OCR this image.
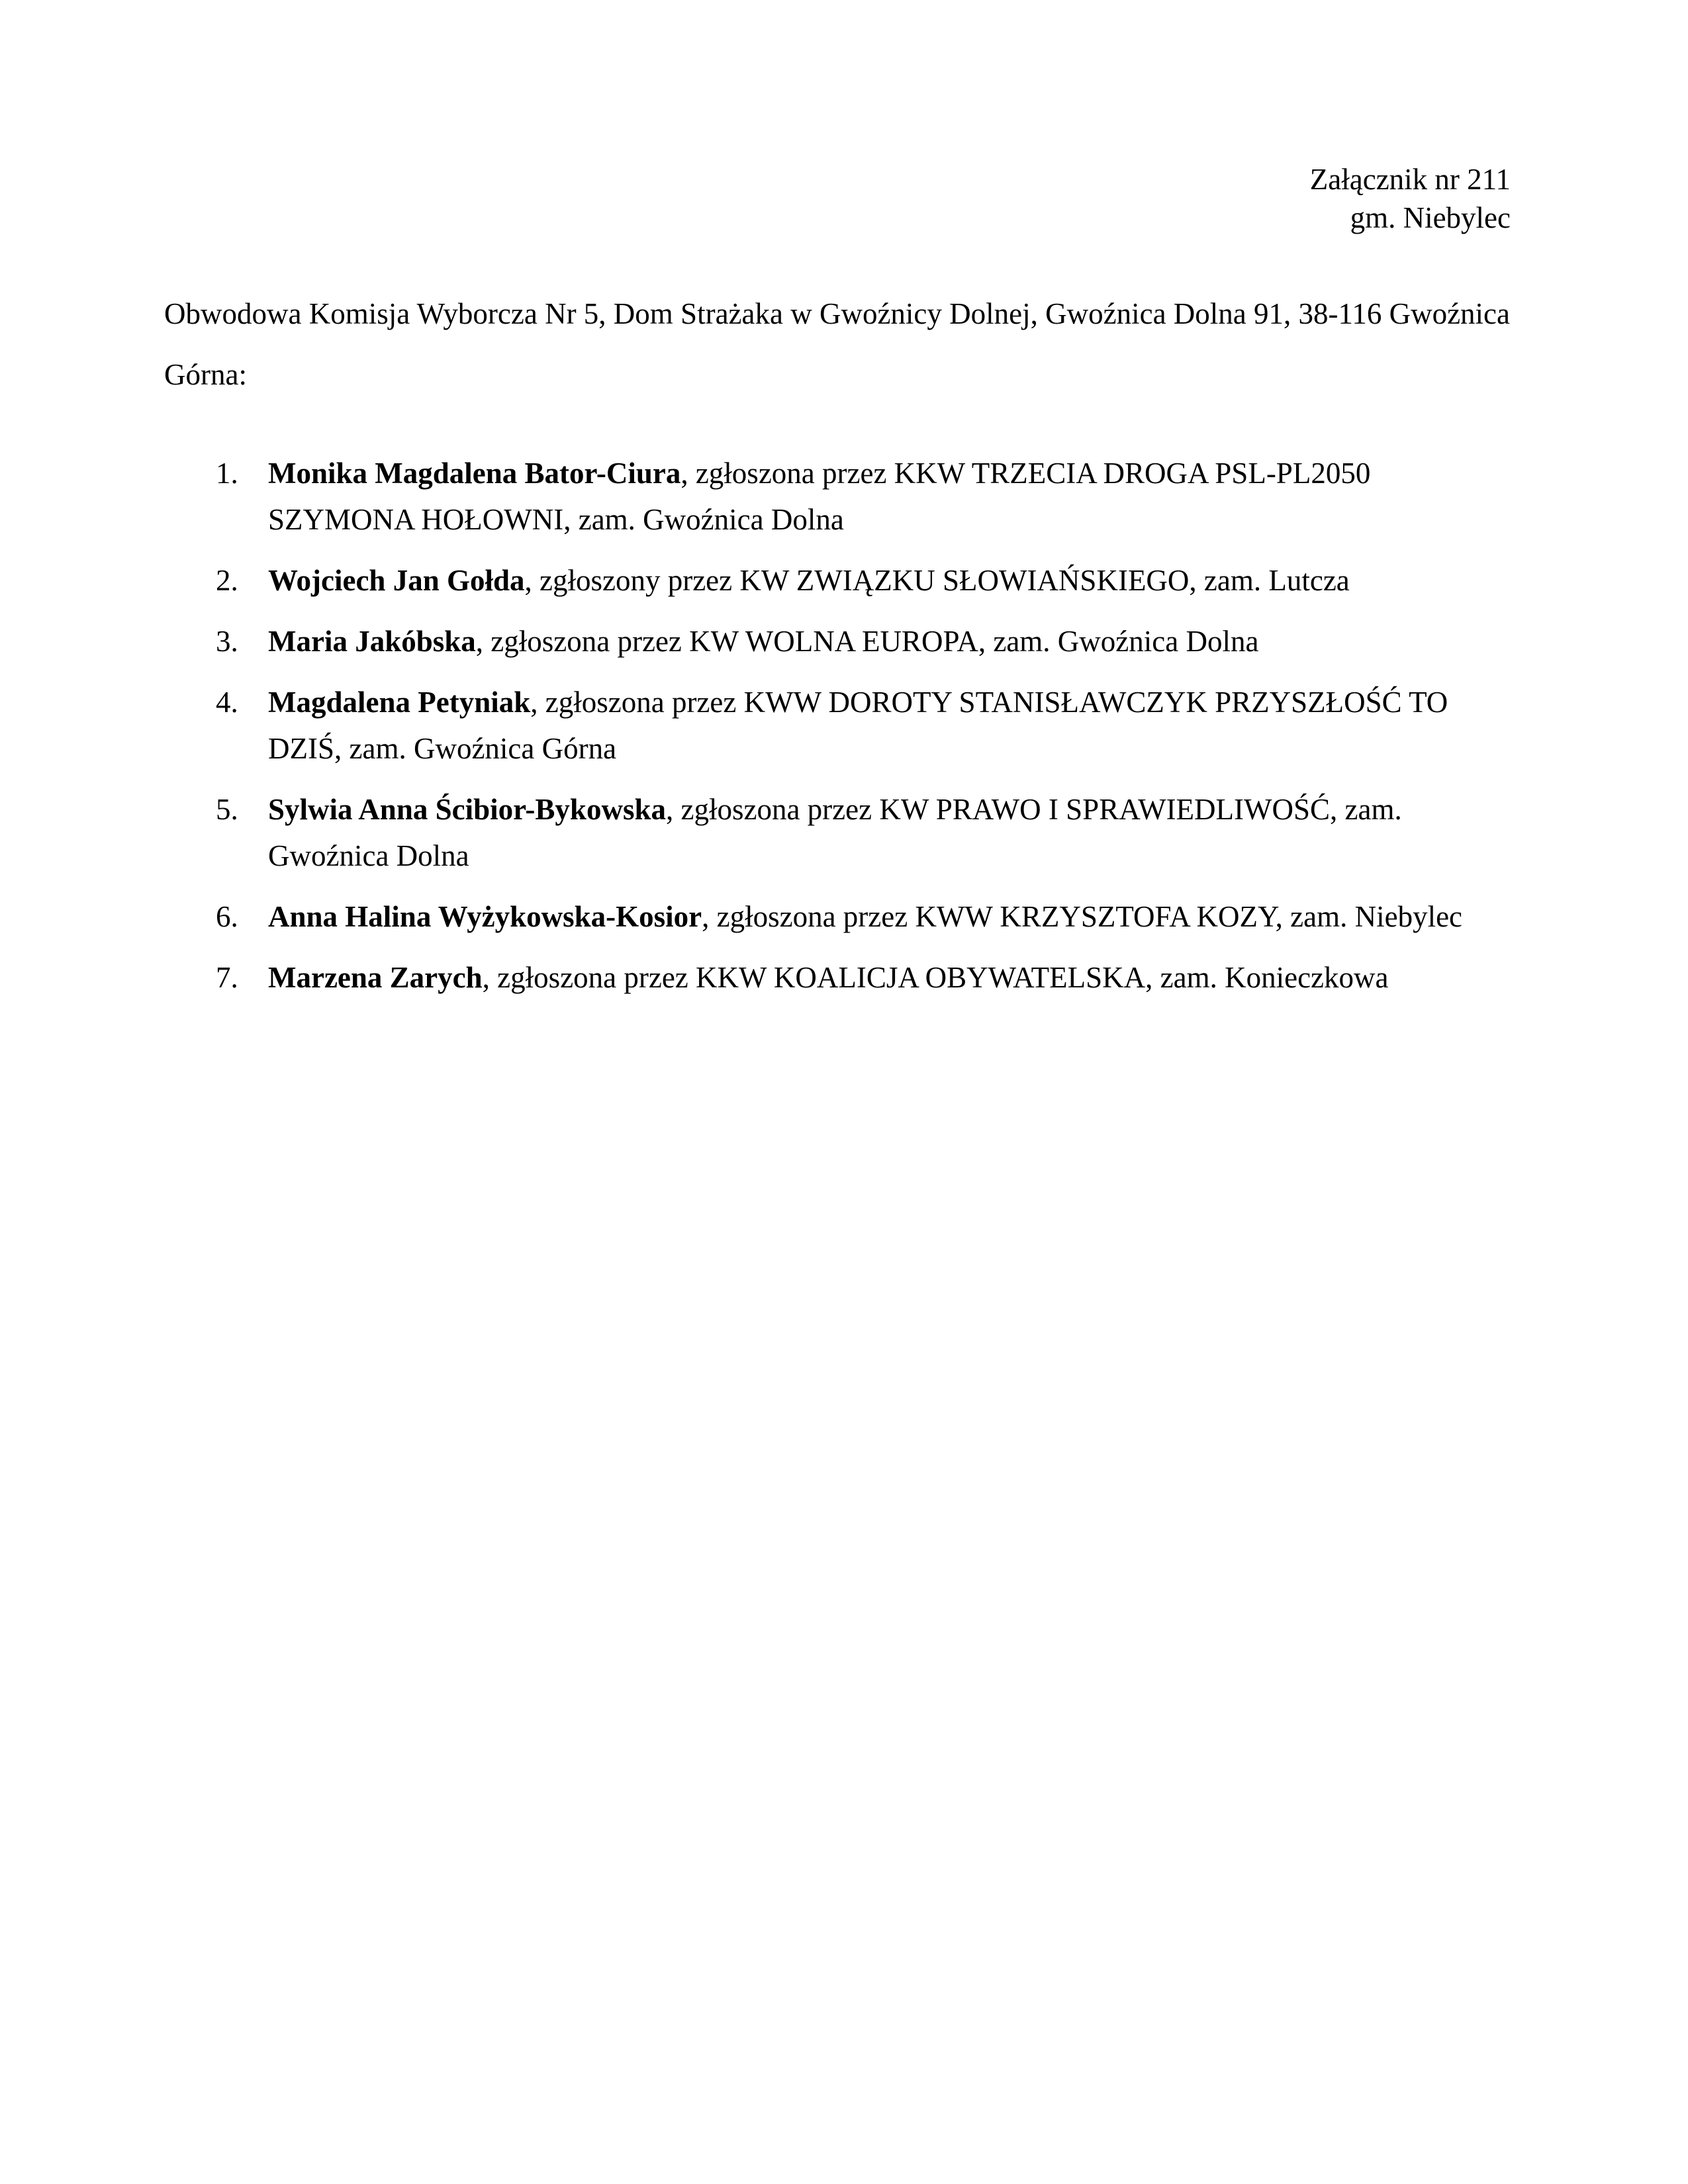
Załącznik nr 211
gm. Niebylec
Obwodowa Komisja Wyborcza Nr 5, Dom Strażaka w Gwoźnicy Dolnej, Gwoźnica Dolna 91, 38-116 Gwoźnica Górna:
1. Monika Magdalena Bator-Ciura, zgłoszona przez KKW TRZECIA DROGA PSL-PL2050 SZYMONA HOŁOWNI, zam. Gwoźnica Dolna
2. Wojciech Jan Gołda, zgłoszony przez KW ZWIĄZKU SŁOWIAŃSKIEGO, zam. Lutcza
3. Maria Jakóbska, zgłoszona przez KW WOLNA EUROPA, zam. Gwoźnica Dolna
4. Magdalena Petyniak, zgłoszona przez KWW DOROTY STANISŁAWCZYK PRZYSZŁOŚĆ TO DZIŚ, zam. Gwoźnica Górna
5. Sylwia Anna Ścibior-Bykowska, zgłoszona przez KW PRAWO I SPRAWIEDLIWOŚĆ, zam. Gwoźnica Dolna
6. Anna Halina Wyżykowska-Kosior, zgłoszona przez KWW KRZYSZTOFA KOZY, zam. Niebylec
7. Marzena Zarych, zgłoszona przez KKW KOALICJA OBYWATELSKA, zam. Konieczkowa
